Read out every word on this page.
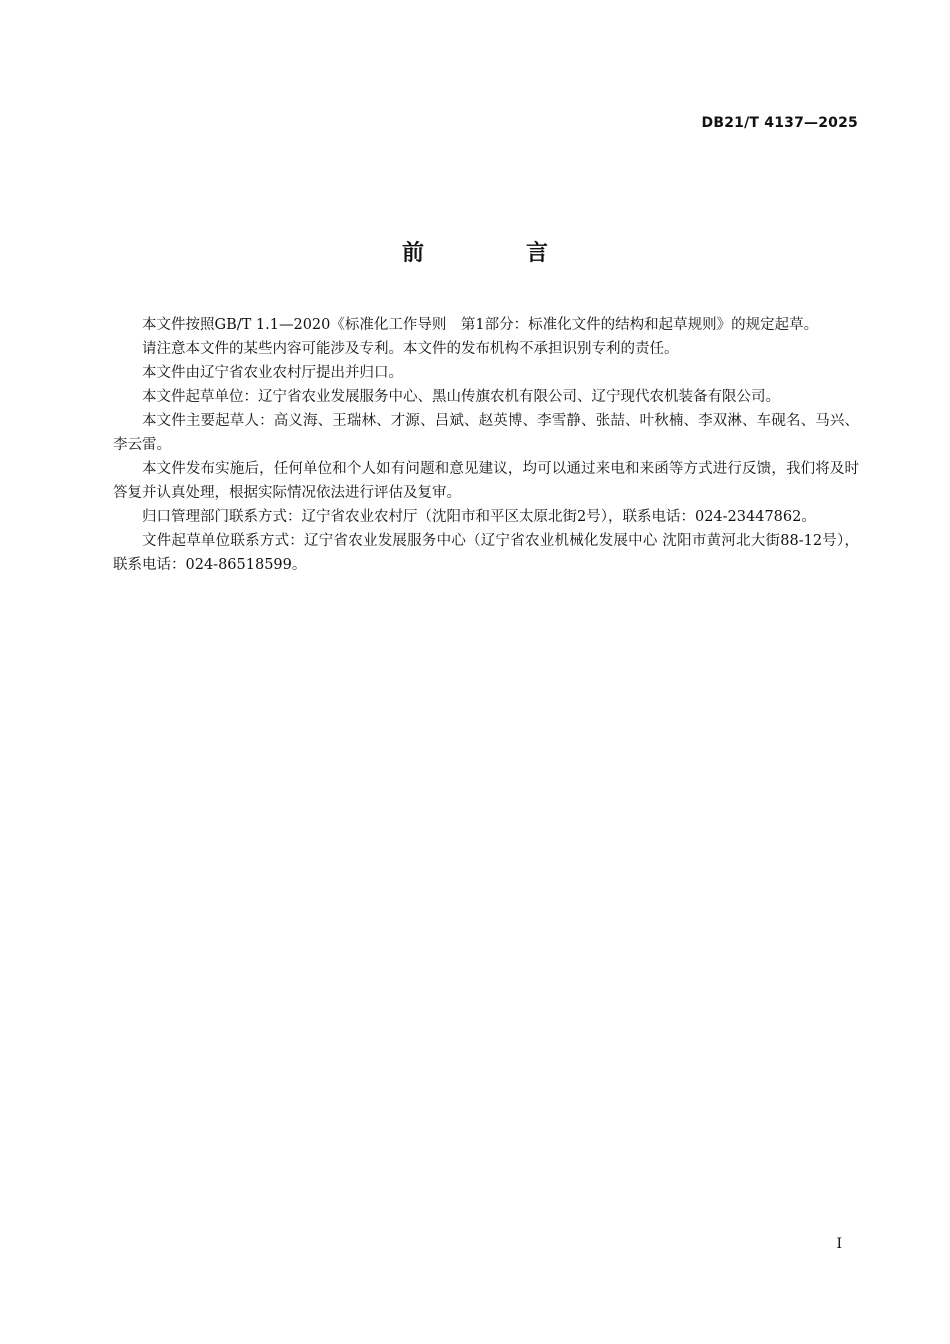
DB21/T 4137—2025
前　言

本文件按照GB/T 1.1—2020《标准化工作导则　第1部分：标准化文件的结构和起草规则》的规定起草。

请注意本文件的某些内容可能涉及专利。本文件的发布机构不承担识别专利的责任。

本文件由辽宁省农业农村厅提出并归口。

本文件起草单位：辽宁省农业发展服务中心、黑山传旗农机有限公司、辽宁现代农机装备有限公司。

本文件主要起草人：高义海、王瑞林、才源、吕斌、赵英博、李雪静、张喆、叶秋楠、李双淋、车砚名、马兴、李云雷。

本文件发布实施后，任何单位和个人如有问题和意见建议，均可以通过来电和来函等方式进行反馈，我们将及时答复并认真处理，根据实际情况依法进行评估及复审。

归口管理部门联系方式：辽宁省农业农村厅（沈阳市和平区太原北街2号），联系电话：024-23447862。

文件起草单位联系方式：辽宁省农业发展服务中心（辽宁省农业机械化发展中心 沈阳市黄河北大街88-12号），联系电话：024-86518599。

I
